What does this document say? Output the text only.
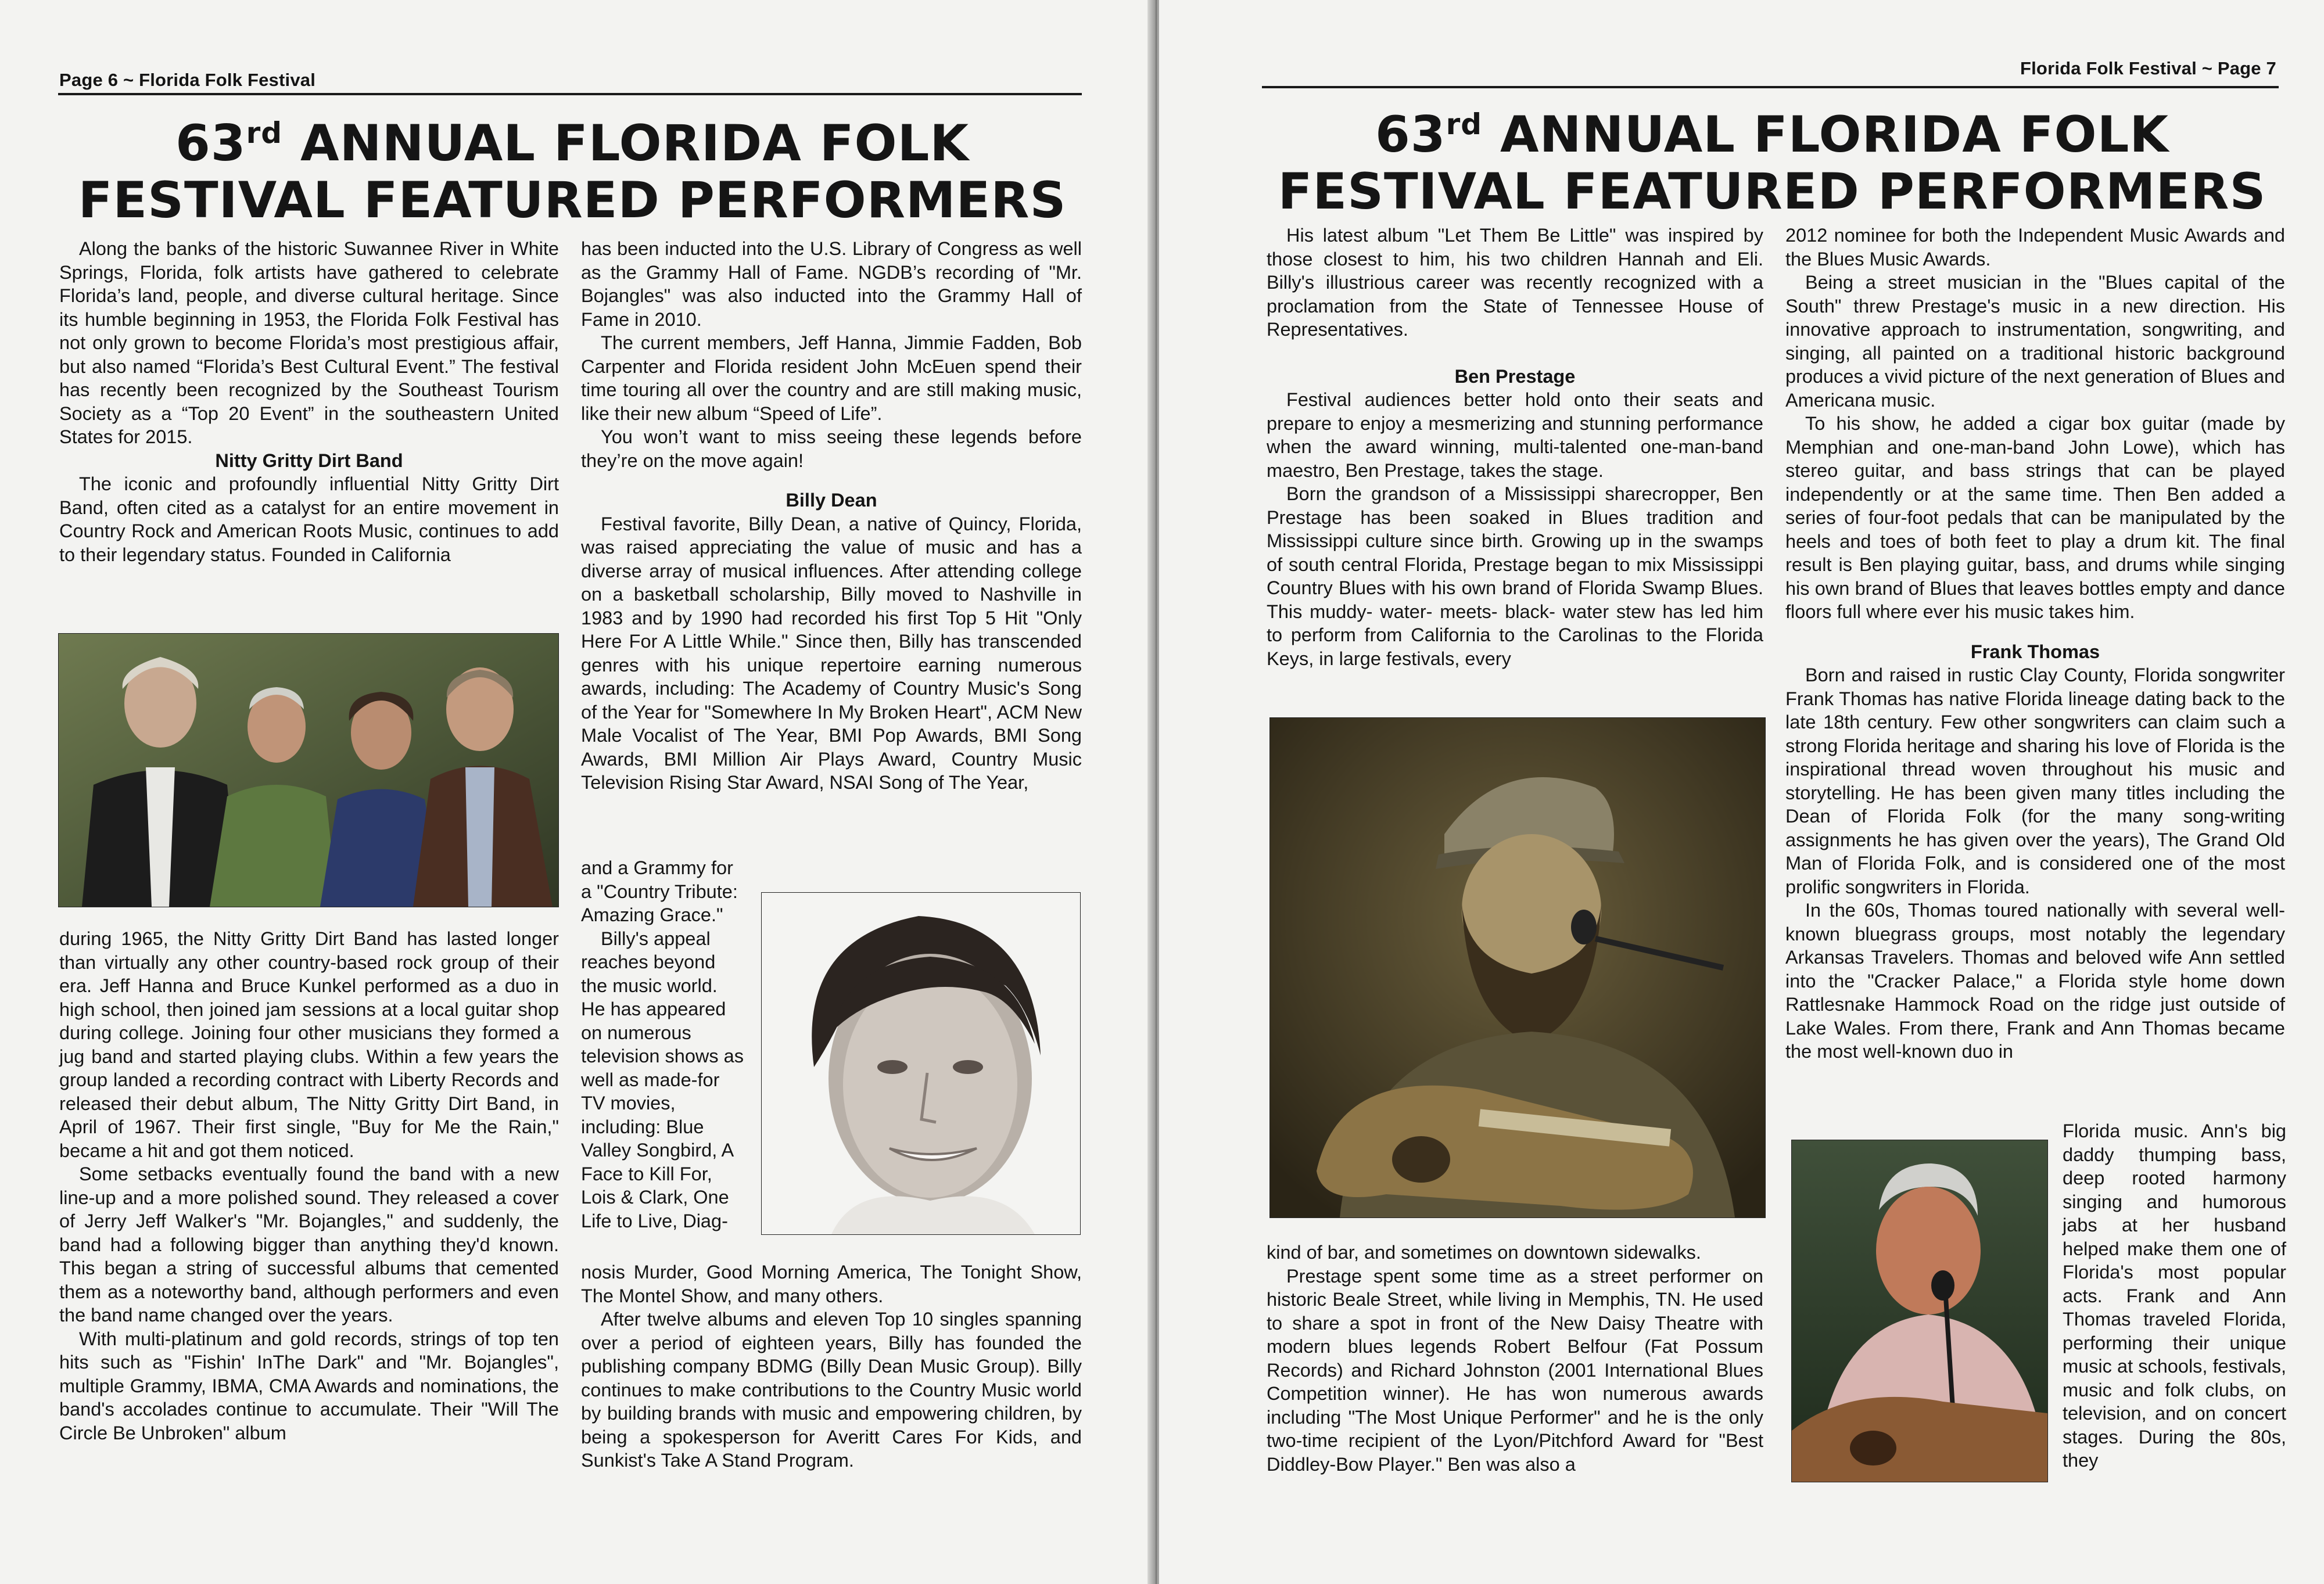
Page 6 ~ Florida Folk Festival
63rd ANNUAL FLORIDA FOLK
FESTIVAL FEATURED PERFORMERS

Along the banks of the historic Suwannee River in White Springs, Florida, folk artists have gathered to celebrate Florida’s land, people, and diverse cultural heritage. Since its humble beginning in 1953, the Florida Folk Festival has not only grown to become Florida’s most prestigious affair, but also named “Florida’s Best Cultural Event.” The festival has recently been recognized by the Southeast Tourism Society as a “Top 20 Event” in the southeastern United States for 2015.

Nitty Gritty Dirt Band

The iconic and profoundly influential Nitty Gritty Dirt Band, often cited as a catalyst for an entire movement in Country Rock and American Roots Music, continues to add to their legendary status. Founded in California

during 1965, the Nitty Gritty Dirt Band has lasted longer than virtually any other country-based rock group of their era. Jeff Hanna and Bruce Kunkel performed as a duo in high school, then joined jam sessions at a local guitar shop during college. Joining four other musicians they formed a jug band and started playing clubs. Within a few years the group landed a recording contract with Liberty Records and released their debut album, The Nitty Gritty Dirt Band, in April of 1967. Their first single, "Buy for Me the Rain," became a hit and got them noticed.

Some setbacks eventually found the band with a new line-up and a more polished sound. They released a cover of Jerry Jeff Walker's "Mr. Bojangles," and suddenly, the band had a following bigger than anything they'd known. This began a string of successful albums that cemented them as a noteworthy band, although performers and even the band name changed over the years.

With multi-platinum and gold records, strings of top ten hits such as "Fishin' InThe Dark" and "Mr. Bojangles", multiple Grammy, IBMA, CMA Awards and nominations, the band's accolades continue to accumulate. Their "Will The Circle Be Unbroken" album

has been inducted into the U.S. Library of Congress as well as the Grammy Hall of Fame. NGDB’s recording of "Mr. Bojangles" was also inducted into the Grammy Hall of Fame in 2010.

The current members, Jeff Hanna, Jimmie Fadden, Bob Carpenter and Florida resident John McEuen spend their time touring all over the country and are still making music, like their new album “Speed of Life”.

You won’t want to miss seeing these legends before they’re on the move again!

Billy Dean

Festival favorite, Billy Dean, a native of Quincy, Florida, was raised appreciating the value of music and has a diverse array of musical influences. After attending college on a basketball scholarship, Billy moved to Nashville in 1983 and by 1990 had recorded his first Top 5 Hit "Only Here For A Little While." Since then, Billy has transcended genres with his unique repertoire earning numerous awards, including: The Academy of Country Music's Song of the Year for "Somewhere In My Broken Heart", ACM New Male Vocalist of The Year, BMI Pop Awards, BMI Song Awards, BMI Million Air Plays Award, Country Music Television Rising Star Award, NSAI Song of The Year,

and a Grammy for a "Country Tribute: Amazing Grace."

Billy's appeal reaches beyond the music world. He has appeared on numerous television shows as well as made-for TV movies, including: Blue Valley Songbird, A Face to Kill For, Lois & Clark, One Life to Live, Diag-

nosis Murder, Good Morning America, The Tonight Show, The Montel Show, and many others.

After twelve albums and eleven Top 10 singles spanning over a period of eighteen years, Billy has founded the publishing company BDMG (Billy Dean Music Group). Billy continues to make contributions to the Country Music world by building brands with music and empowering children, by being a spokesperson for Averitt Cares For Kids, and Sunkist's Take A Stand Program.

Florida Folk Festival ~ Page 7
63rd ANNUAL FLORIDA FOLK
FESTIVAL FEATURED PERFORMERS

His latest album "Let Them Be Little" was inspired by those closest to him, his two children Hannah and Eli. Billy's illustrious career was recently recognized with a proclamation from the State of Tennessee House of Representatives.

Ben Prestage

Festival audiences better hold onto their seats and prepare to enjoy a mesmerizing and stunning performance when the award winning, multi-talented one-man-band maestro, Ben Prestage, takes the stage.

Born the grandson of a Mississippi sharecropper, Ben Prestage has been soaked in Blues tradition and Mississippi culture since birth. Growing up in the swamps of south central Florida, Prestage began to mix Mississippi Country Blues with his own brand of Florida Swamp Blues. This muddy- water- meets- black- water stew has led him to perform from California to the Carolinas to the Florida Keys, in large festivals, every

kind of bar, and sometimes on downtown sidewalks.

Prestage spent some time as a street performer on historic Beale Street, while living in Memphis, TN. He used to share a spot in front of the New Daisy Theatre with modern blues legends Robert Belfour (Fat Possum Records) and Richard Johnston (2001 International Blues Competition winner). He has won numerous awards including "The Most Unique Performer" and he is the only two-time recipient of the Lyon/Pitchford Award for "Best Diddley-Bow Player." Ben was also a

2012 nominee for both the Independent Music Awards and the Blues Music Awards.

Being a street musician in the "Blues capital of the South" threw Prestage's music in a new direction. His innovative approach to instrumentation, songwriting, and singing, all painted on a traditional historic background produces a vivid picture of the next generation of Blues and Americana music.

To his show, he added a cigar box guitar (made by Memphian and one-man-band John Lowe), which has stereo guitar, and bass strings that can be played independently or at the same time. Then Ben added a series of four-foot pedals that can be manipulated by the heels and toes of both feet to play a drum kit. The final result is Ben playing guitar, bass, and drums while singing his own brand of Blues that leaves bottles empty and dance floors full where ever his music takes him.

Frank Thomas

Born and raised in rustic Clay County, Florida songwriter Frank Thomas has native Florida lineage dating back to the late 18th century. Few other songwriters can claim such a strong Florida heritage and sharing his love of Florida is the inspirational thread woven throughout his music and storytelling. He has been given many titles including the Dean of Florida Folk (for the many song-writing assignments he has given over the years), The Grand Old Man of Florida Folk, and is considered one of the most prolific songwriters in Florida.

In the 60s, Thomas toured nationally with several well-known bluegrass groups, most notably the legendary Arkansas Travelers. Thomas and beloved wife Ann settled into the "Cracker Palace," a Florida style home down Rattlesnake Hammock Road on the ridge just outside of Lake Wales. From there, Frank and Ann Thomas became the most well-known duo in

Florida music. Ann's big daddy thumping bass, deep rooted harmony singing and humorous jabs at her husband helped make them one of Florida's most popular acts. Frank and Ann Thomas traveled Florida, performing their unique music at schools, festivals, music and folk clubs, on television, and on concert stages. During the 80s, they
